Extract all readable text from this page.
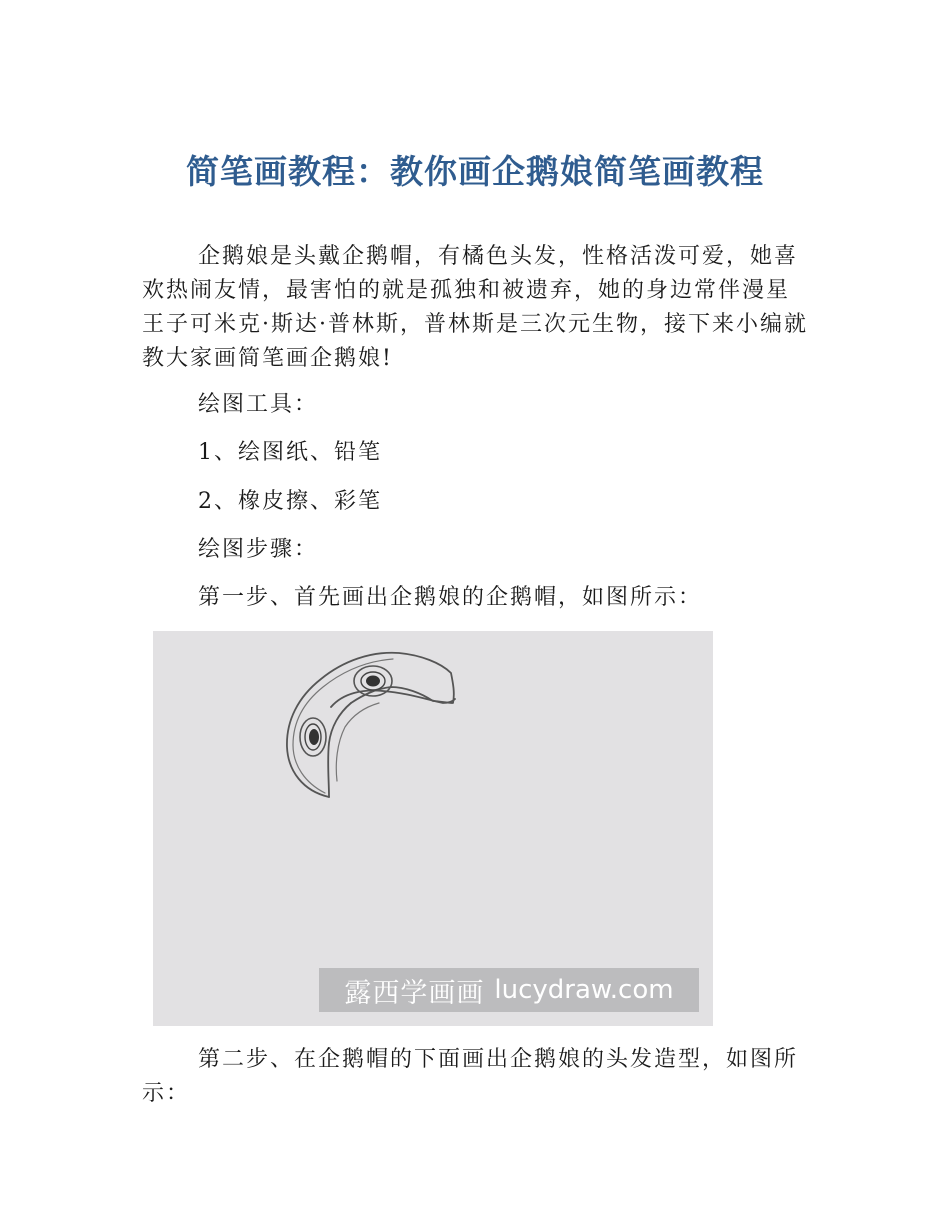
简笔画教程：教你画企鹅娘简笔画教程

企鹅娘是头戴企鹅帽，有橘色头发，性格活泼可爱，她喜欢热闹友情，最害怕的就是孤独和被遗弃，她的身边常伴漫星王子可米克·斯达·普林斯，普林斯是三次元生物，接下来小编就教大家画简笔画企鹅娘!

绘图工具：

1、绘图纸、铅笔

2、橡皮擦、彩笔

绘图步骤：

第一步、首先画出企鹅娘的企鹅帽，如图所示：

露西学画画 lucydraw.com

第二步、在企鹅帽的下面画出企鹅娘的头发造型，如图所示：
